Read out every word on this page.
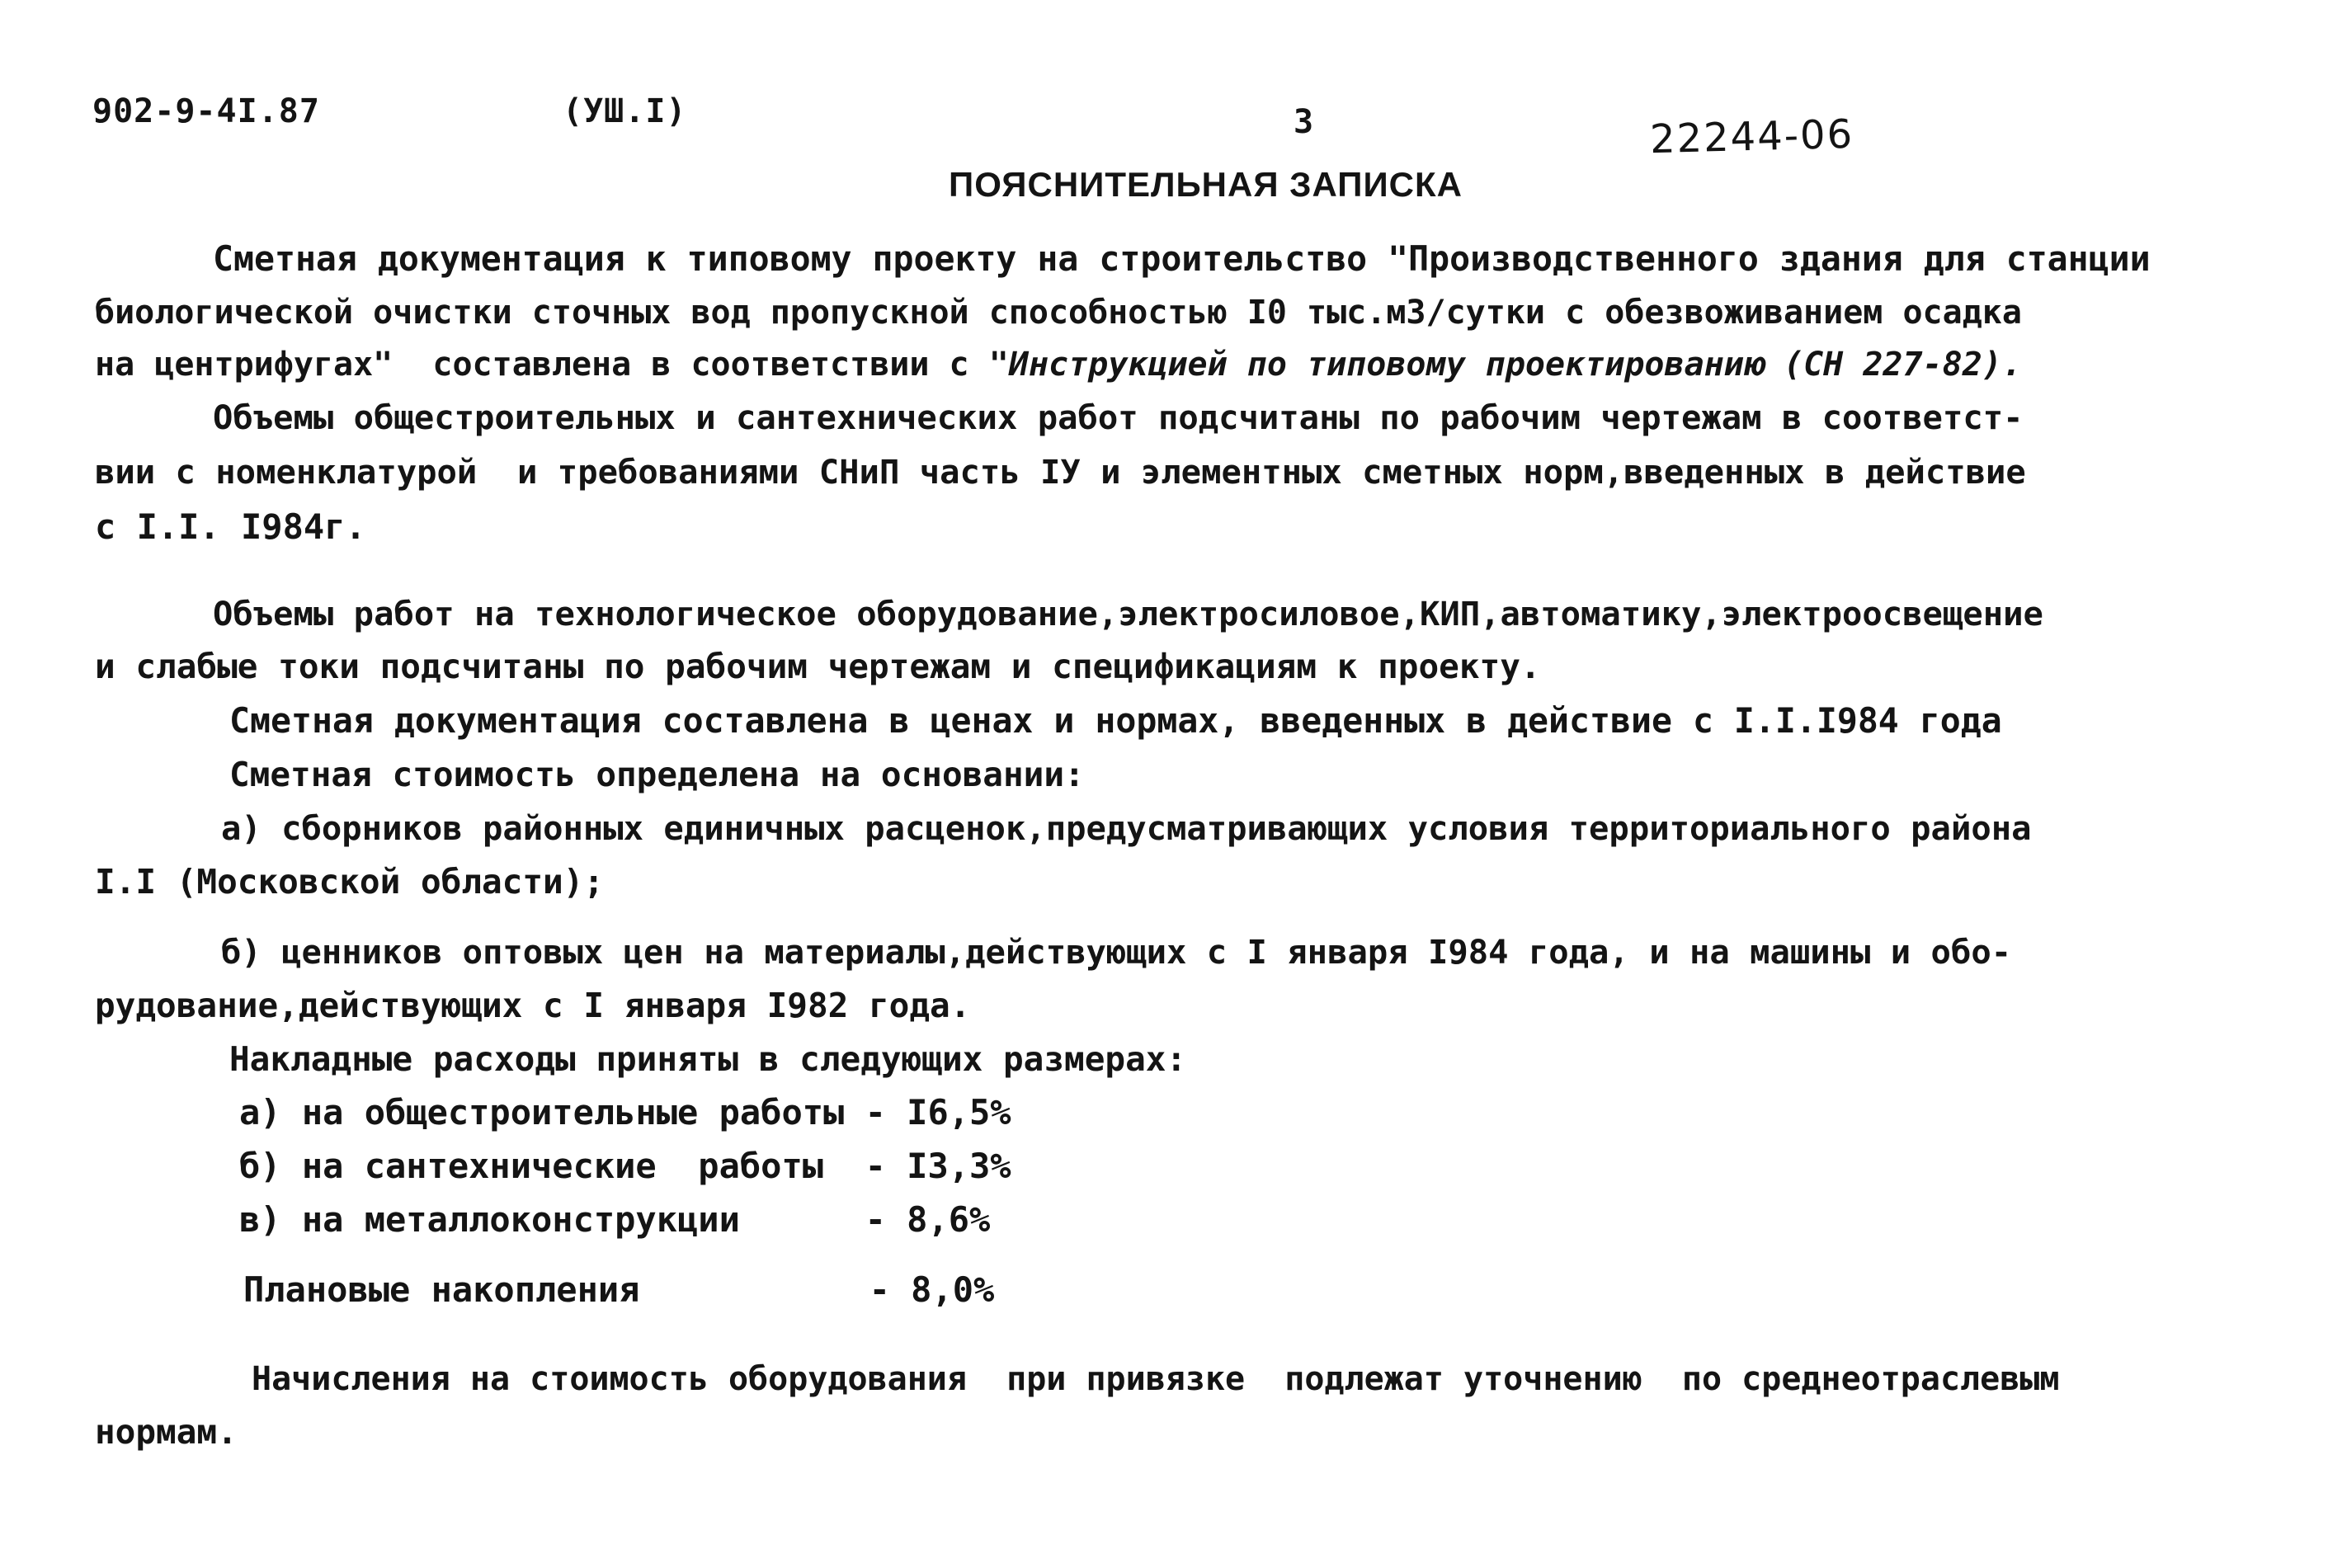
902-9-4I.87	(УШ.I)	3	22244-06
ПОЯСНИТЕЛЬНАЯ ЗАПИСКА
Сметная документация к типовому проекту на строительство "Производственного здания для станции
биологической очистки сточных вод пропускной способностью I0 тыс.м3/сутки с обезвоживанием осадка
на центрифугах"  составлена в соответствии с "Инструкцией по типовому проектированию (СН 227-82).
Объемы общестроительных и сантехнических работ подсчитаны по рабочим чертежам в соответст-
вии с номенклатурой  и требованиями СНиП часть IУ и элементных сметных норм,введенных в действие
с I.I. I984г.
Объемы работ на технологическое оборудование,электросиловое,КИП,автоматику,электроосвещение
и слабые токи подсчитаны по рабочим чертежам и спецификациям к проекту.
Сметная документация составлена в ценах и нормах, введенных в действие с I.I.I984 года
Сметная стоимость определена на основании:
а) сборников районных единичных расценок,предусматривающих условия территориального района
I.I (Московской области);
б) ценников оптовых цен на материалы,действующих с I января I984 года, и на машины и обо-
рудование,действующих с I января I982 года.
Накладные расходы приняты в следующих размерах:
а) на общестроительные работы - I6,5%
б) на сантехнические  работы  - I3,3%
в) на металлоконструкции      - 8,6%
Плановые накопления           - 8,0%
Начисления на стоимость оборудования  при привязке  подлежат уточнению  по среднеотраслевым
нормам.
